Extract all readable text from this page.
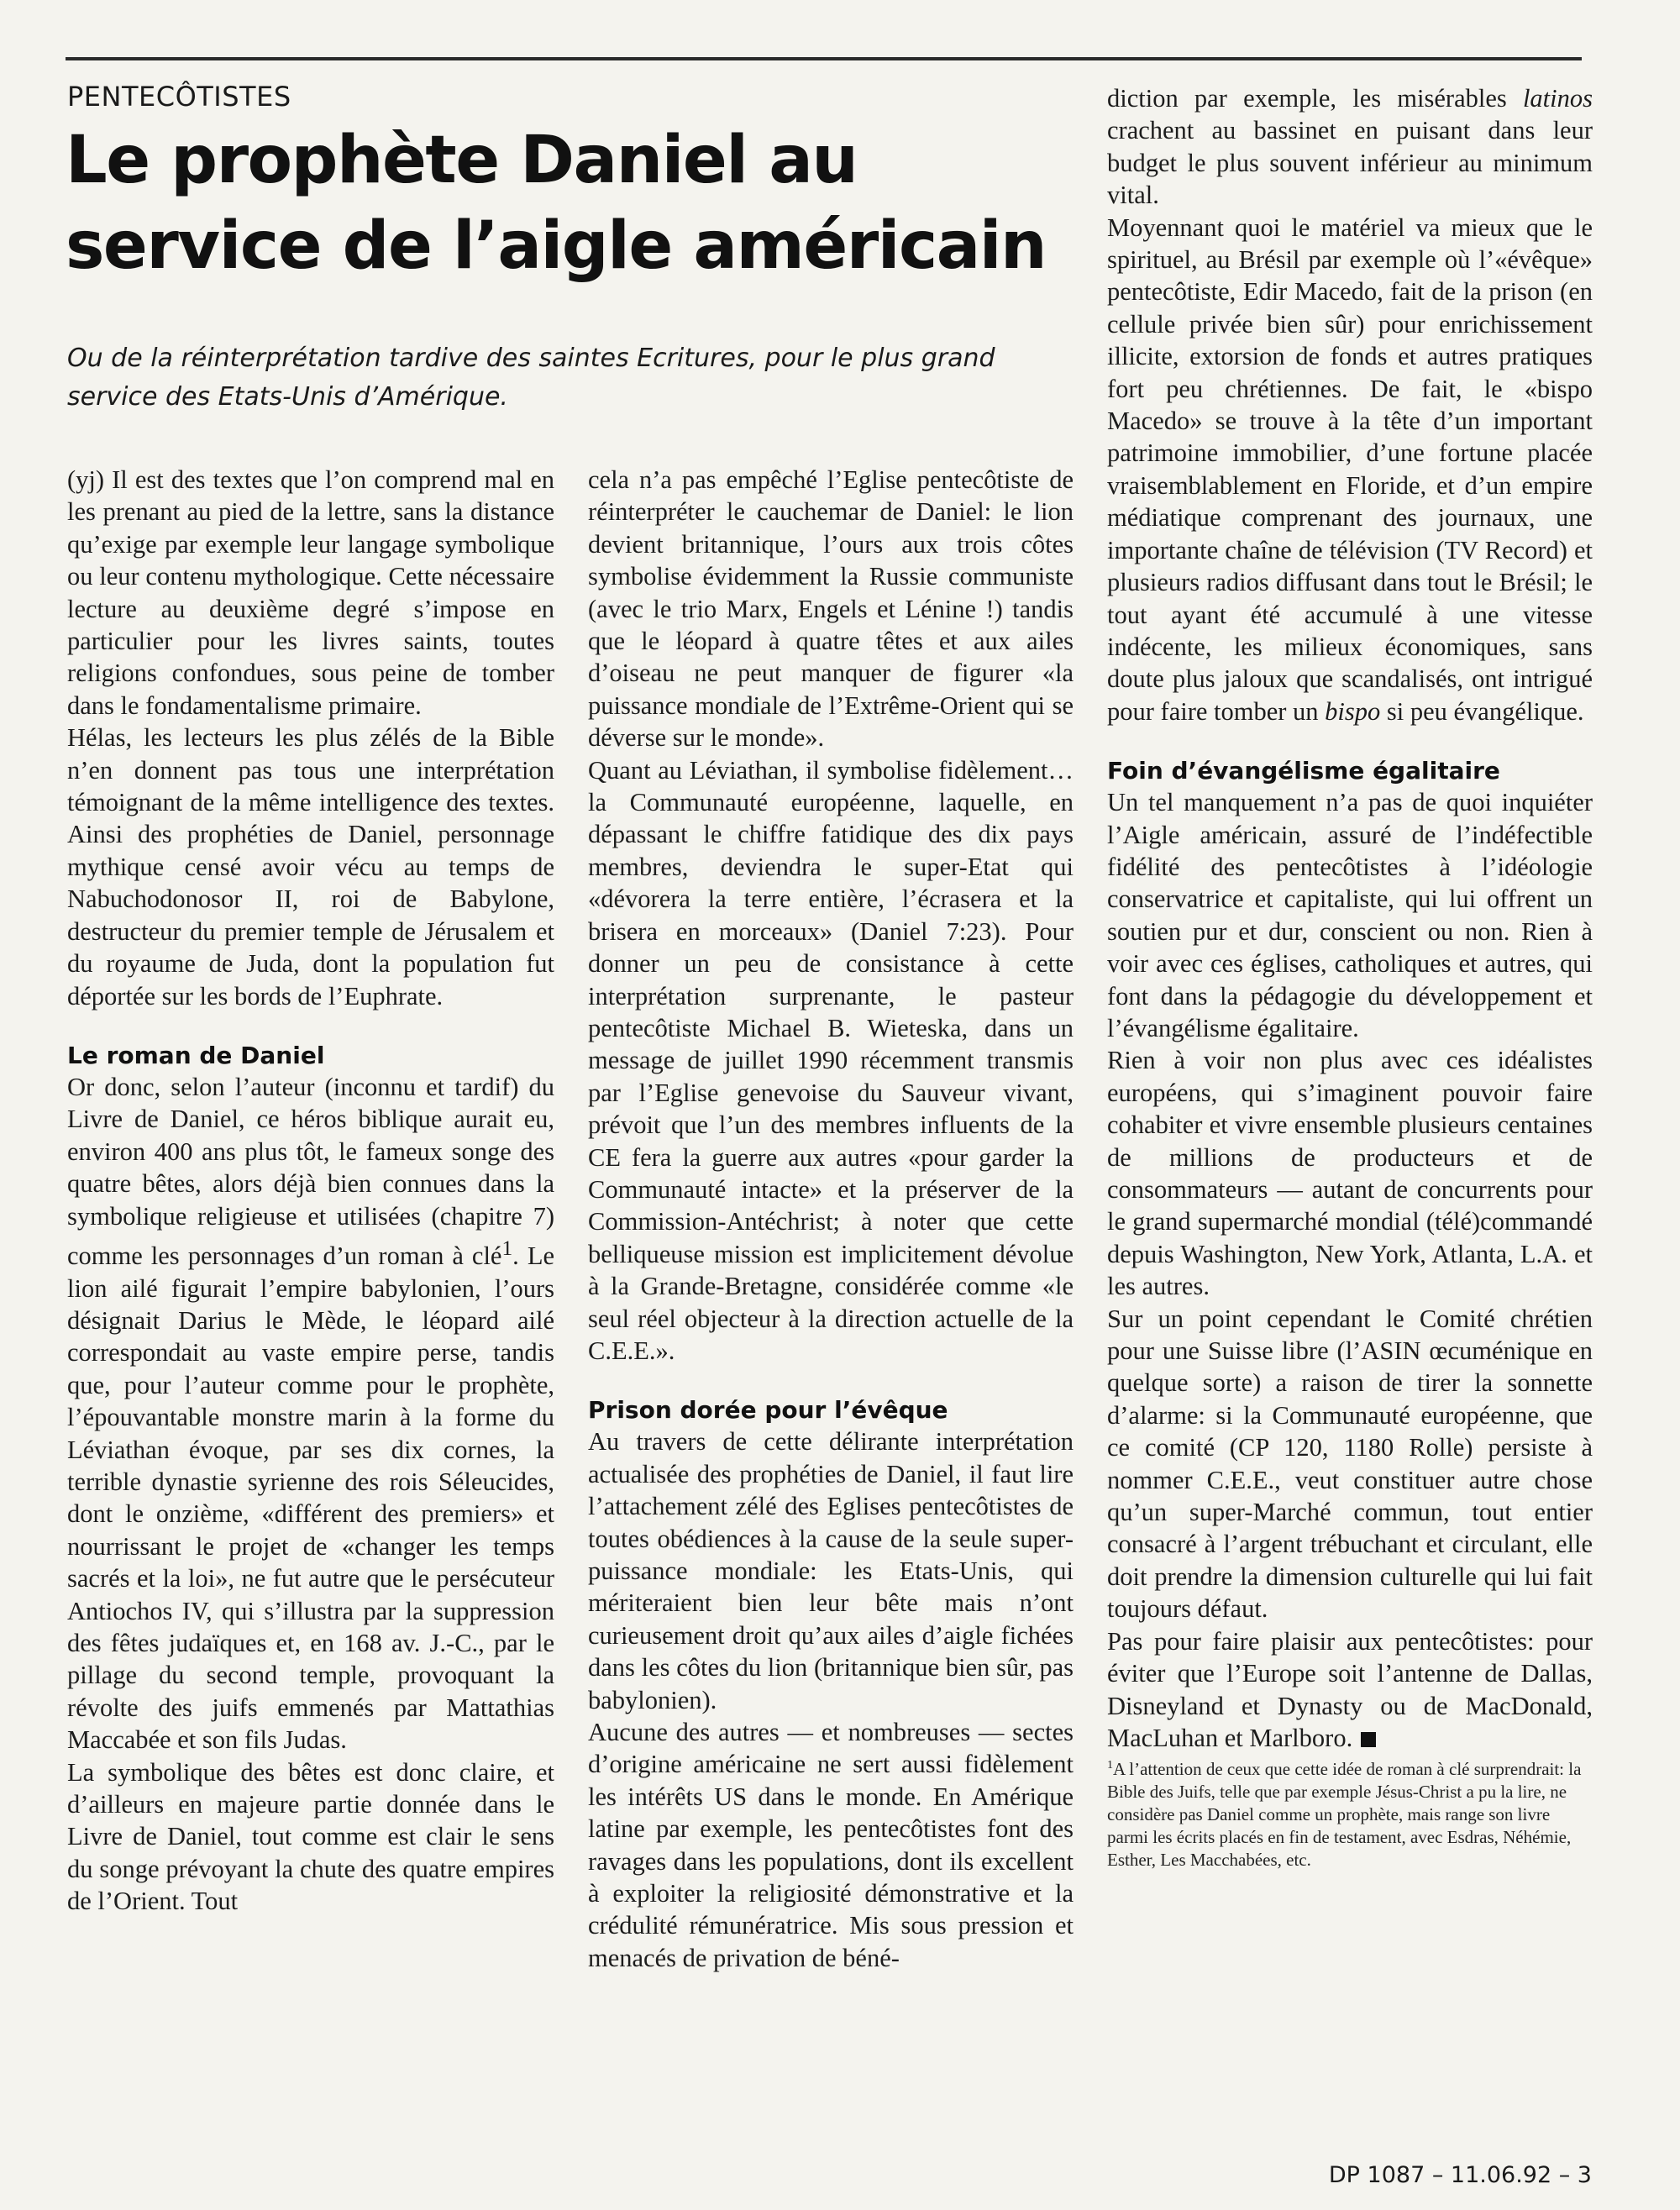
PENTECÔTISTES
Le prophète Daniel au service de l’aigle américain

Ou de la réinterprétation tardive des saintes Ecritures, pour le plus grand service des Etats-Unis d’Amérique.

(yj) Il est des textes que l’on comprend mal en les prenant au pied de la lettre, sans la distance qu’exige par exemple leur langage symbolique ou leur contenu mythologique. Cette nécessaire lecture au deuxième degré s’impose en particulier pour les livres saints, toutes religions confondues, sous peine de tomber dans le fondamentalisme primaire.

Hélas, les lecteurs les plus zélés de la Bible n’en donnent pas tous une interprétation témoignant de la même intelligence des textes. Ainsi des prophéties de Daniel, personnage mythique censé avoir vécu au temps de Nabuchodonosor II, roi de Babylone, destructeur du premier temple de Jérusalem et du royaume de Juda, dont la population fut déportée sur les bords de l’Euphrate.

Le roman de Daniel

Or donc, selon l’auteur (inconnu et tardif) du Livre de Daniel, ce héros biblique aurait eu, environ 400 ans plus tôt, le fameux songe des quatre bêtes, alors déjà bien connues dans la symbolique religieuse et utilisées (chapitre 7) comme les personnages d’un roman à clé$^1$. Le lion ailé figurait l’empire babylonien, l’ours désignait Darius le Mède, le léopard ailé correspondait au vaste empire perse, tandis que, pour l’auteur comme pour le prophète, l’épouvantable monstre marin à la forme du Léviathan évoque, par ses dix cornes, la terrible dynastie syrienne des rois Séleucides, dont le onzième, «différent des premiers» et nourrissant le projet de «changer les temps sacrés et la loi», ne fut autre que le persécuteur Antiochos IV, qui s’illustra par la suppression des fêtes judaïques et, en 168 av. J.-C., par le pillage du second temple, provoquant la révolte des juifs emmenés par Mattathias Maccabée et son fils Judas.

La symbolique des bêtes est donc claire, et d’ailleurs en majeure partie donnée dans le Livre de Daniel, tout comme est clair le sens du songe prévoyant la chute des quatre empires de l’Orient. Tout

cela n’a pas empêché l’Eglise pentecôtiste de réinterpréter le cauchemar de Daniel: le lion devient britannique, l’ours aux trois côtes symbolise évidemment la Russie communiste (avec le trio Marx, Engels et Lénine !) tandis que le léopard à quatre têtes et aux ailes d’oiseau ne peut manquer de figurer «la puissance mondiale de l’Extrême-Orient qui se déverse sur le monde».

Quant au Léviathan, il symbolise fidèlement… la Communauté européenne, laquelle, en dépassant le chiffre fatidique des dix pays membres, deviendra le super-Etat qui «dévorera la terre entière, l’écrasera et la brisera en morceaux» (Daniel 7:23). Pour donner un peu de consistance à cette interprétation surprenante, le pasteur pentecôtiste Michael B. Wieteska, dans un message de juillet 1990 récemment transmis par l’Eglise genevoise du Sauveur vivant, prévoit que l’un des membres influents de la CE fera la guerre aux autres «pour garder la Communauté intacte» et la préserver de la Commission-Antéchrist; à noter que cette belliqueuse mission est implicitement dévolue à la Grande-Bretagne, considérée comme «le seul réel objecteur à la direction actuelle de la C.E.E.».

Prison dorée pour l’évêque

Au travers de cette délirante interprétation actualisée des prophéties de Daniel, il faut lire l’attachement zélé des Eglises pentecôtistes de toutes obédiences à la cause de la seule super-puissance mondiale: les Etats-Unis, qui mériteraient bien leur bête mais n’ont curieusement droit qu’aux ailes d’aigle fichées dans les côtes du lion (britannique bien sûr, pas babylonien).

Aucune des autres — et nombreuses — sectes d’origine américaine ne sert aussi fidèlement les intérêts US dans le monde. En Amérique latine par exemple, les pentecôtistes font des ravages dans les populations, dont ils excellent à exploiter la religiosité démonstrative et la crédulité rémunératrice. Mis sous pression et menacés de privation de béné-

diction par exemple, les misérables latinos crachent au bassinet en puisant dans leur budget le plus souvent inférieur au minimum vital.

Moyennant quoi le matériel va mieux que le spirituel, au Brésil par exemple où l’«évêque» pentecôtiste, Edir Macedo, fait de la prison (en cellule privée bien sûr) pour enrichissement illicite, extorsion de fonds et autres pratiques fort peu chrétiennes. De fait, le «bispo Macedo» se trouve à la tête d’un important patrimoine immobilier, d’une fortune placée vraisemblablement en Floride, et d’un empire médiatique comprenant des journaux, une importante chaîne de télévision (TV Record) et plusieurs radios diffusant dans tout le Brésil; le tout ayant été accumulé à une vitesse indécente, les milieux économiques, sans doute plus jaloux que scandalisés, ont intrigué pour faire tomber un bispo si peu évangélique.

Foin d’évangélisme égalitaire

Un tel manquement n’a pas de quoi inquiéter l’Aigle américain, assuré de l’indéfectible fidélité des pentecôtistes à l’idéologie conservatrice et capitaliste, qui lui offrent un soutien pur et dur, conscient ou non. Rien à voir avec ces églises, catholiques et autres, qui font dans la pédagogie du développement et l’évangélisme égalitaire.

Rien à voir non plus avec ces idéalistes européens, qui s’imaginent pouvoir faire cohabiter et vivre ensemble plusieurs centaines de millions de producteurs et de consommateurs — autant de concurrents pour le grand supermarché mondial (télé)commandé depuis Washington, New York, Atlanta, L.A. et les autres.

Sur un point cependant le Comité chrétien pour une Suisse libre (l’ASIN œcuménique en quelque sorte) a raison de tirer la sonnette d’alarme: si la Communauté européenne, que ce comité (CP 120, 1180 Rolle) persiste à nommer C.E.E., veut constituer autre chose qu’un super-Marché commun, tout entier consacré à l’argent trébuchant et circulant, elle doit prendre la dimension culturelle qui lui fait toujours défaut.

Pas pour faire plaisir aux pentecôtistes: pour éviter que l’Europe soit l’antenne de Dallas, Disneyland et Dynasty ou de MacDonald, MacLuhan et Marlboro.

$^1$A l’attention de ceux que cette idée de roman à clé surprendrait: la Bible des Juifs, telle que par exemple Jésus-Christ a pu la lire, ne considère pas Daniel comme un prophète, mais range son livre parmi les écrits placés en fin de testament, avec Esdras, Néhémie, Esther, Les Macchabées, etc.

DP 1087 – 11.06.92 – 3
